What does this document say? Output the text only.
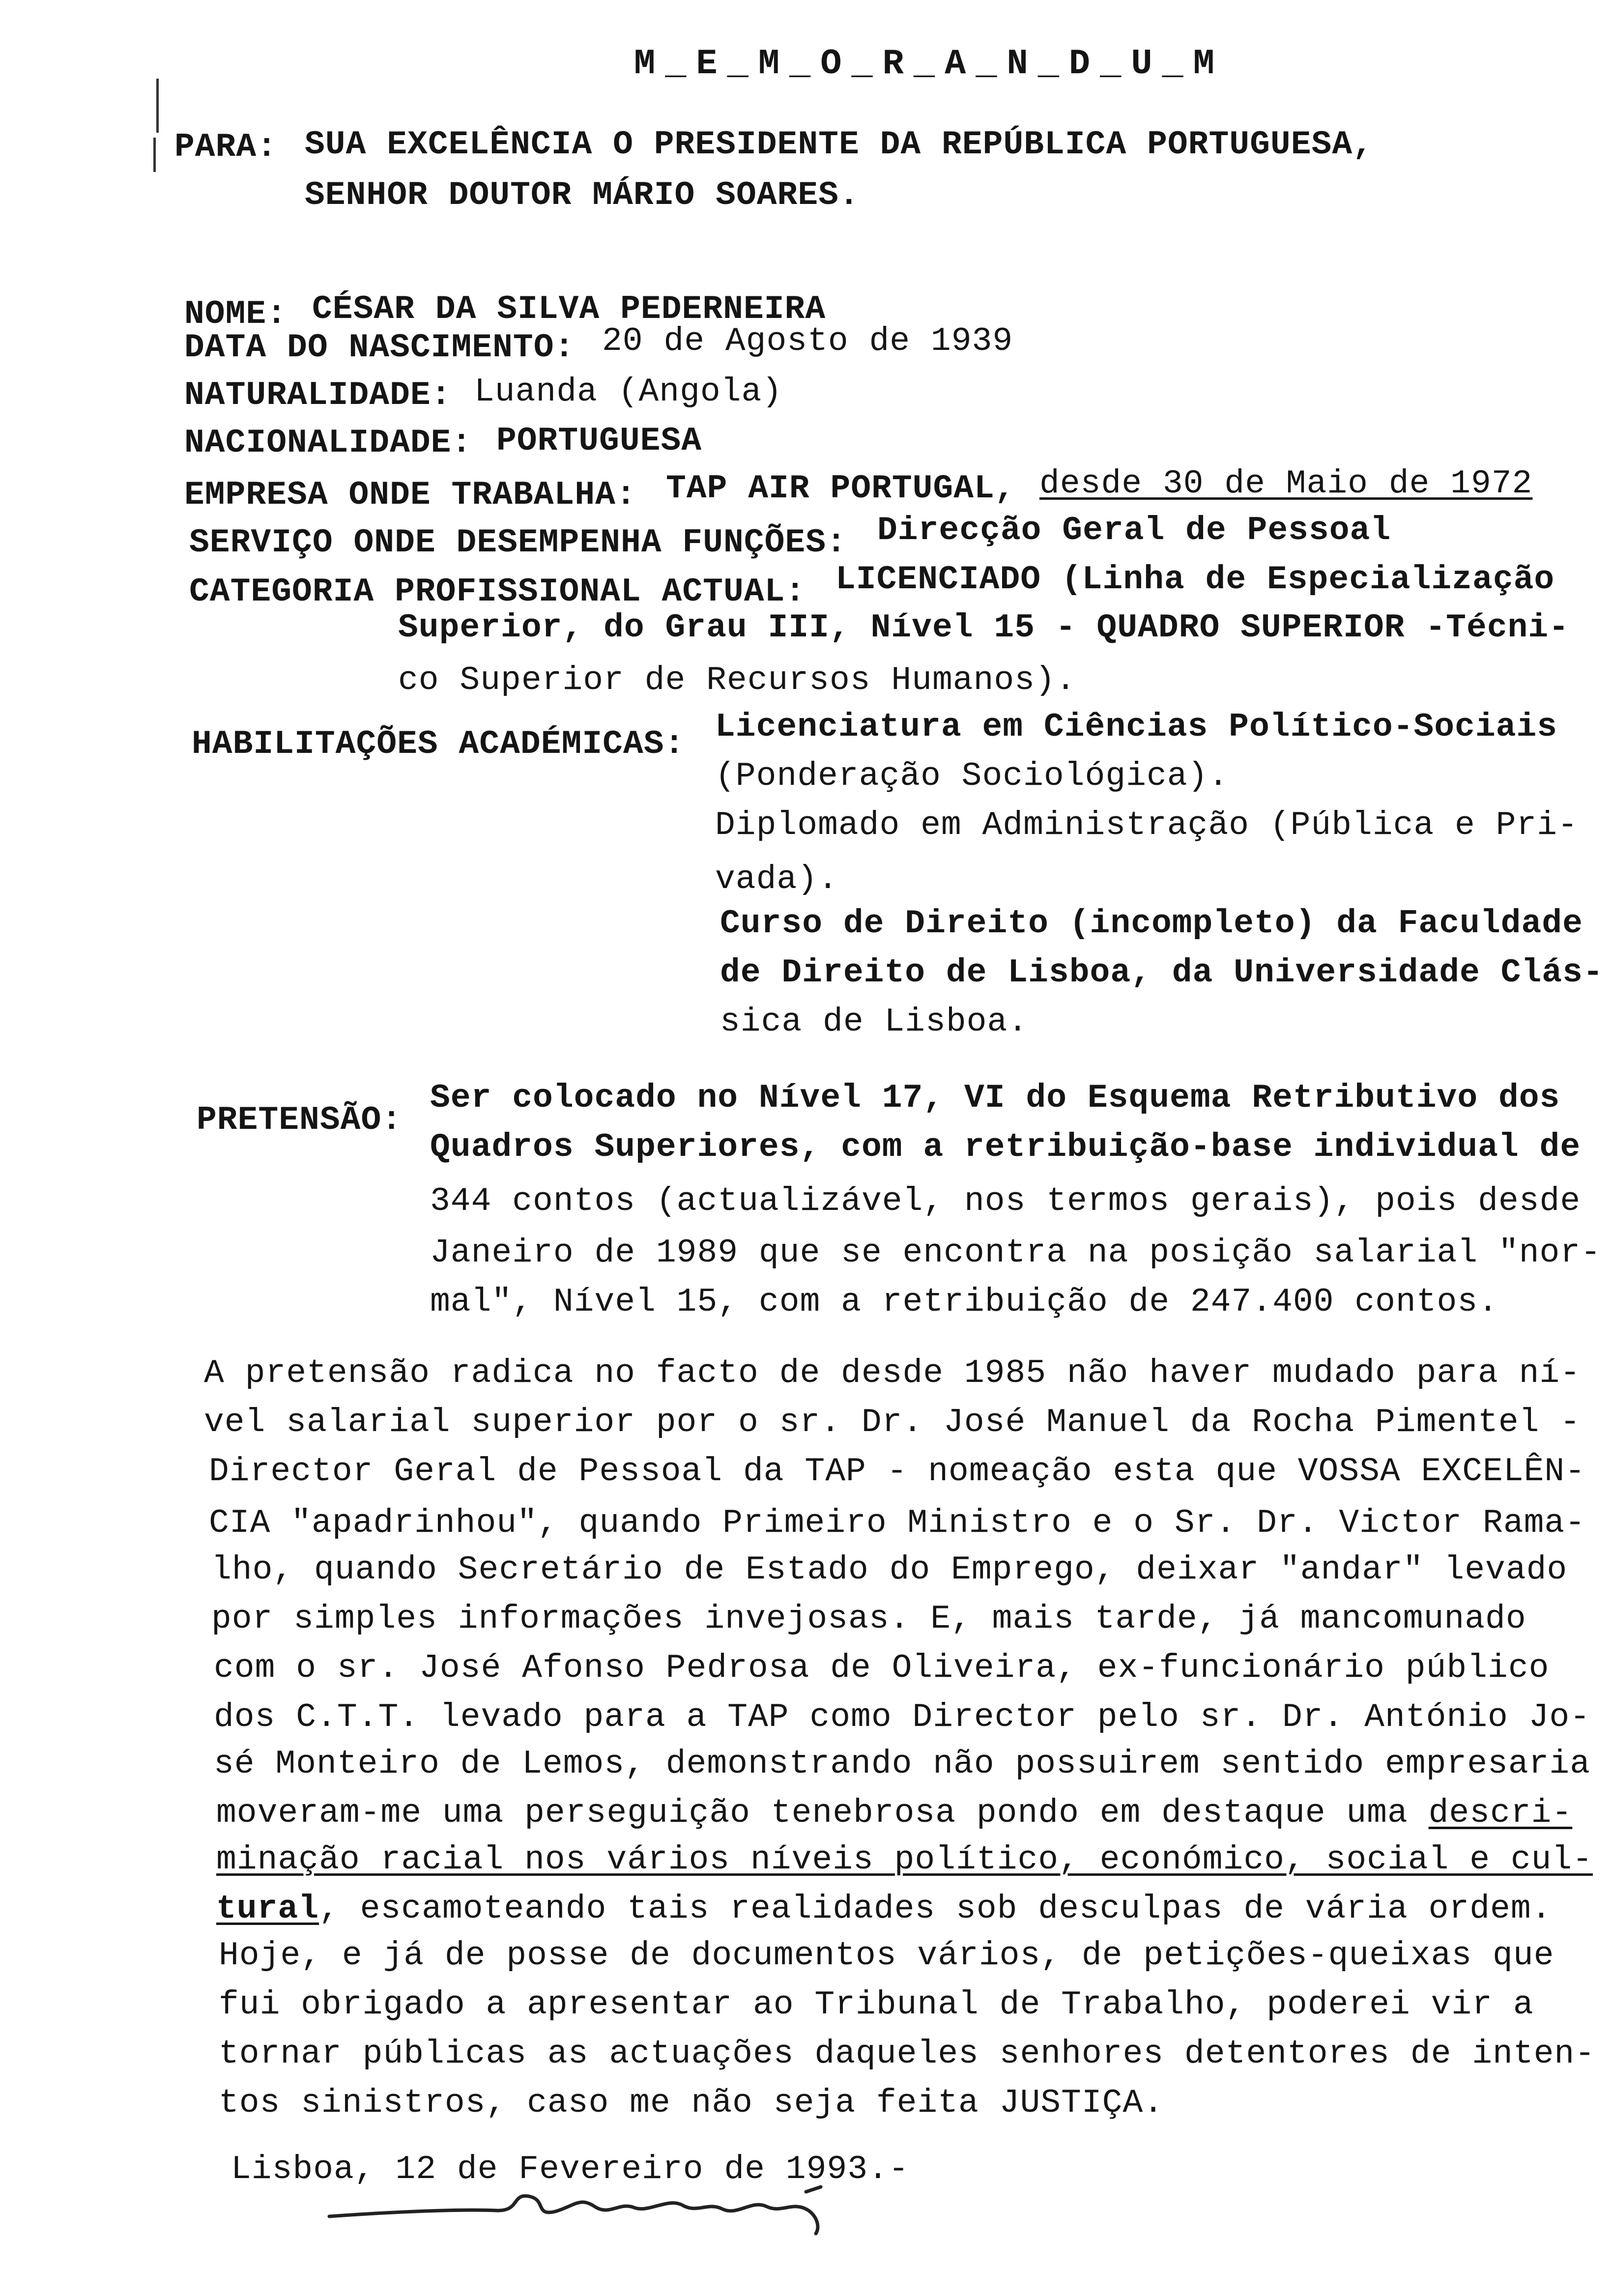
M_E_M_O_R_A_N_D_U_M
PARA: SUA EXCELÊNCIA O PRESIDENTE DA REPÚBLICA PORTUGUESA,
SENHOR DOUTOR MÁRIO SOARES.
NOME: CÉSAR DA SILVA PEDERNEIRA
DATA DO NASCIMENTO: 20 de Agosto de 1939
NATURALIDADE: Luanda (Angola)
NACIONALIDADE: PORTUGUESA
EMPRESA ONDE TRABALHA: TAP AIR PORTUGAL, desde 30 de Maio de 1972
SERVIÇO ONDE DESEMPENHA FUNÇÕES: Direcção Geral de Pessoal
CATEGORIA PROFISSIONAL ACTUAL: LICENCIADO (Linha de Especialização
Superior, do Grau III, Nível 15 - QUADRO SUPERIOR -Técni-
co Superior de Recursos Humanos).
HABILITAÇÕES ACADÉMICAS: Licenciatura em Ciências Político-Sociais
(Ponderação Sociológica).
Diplomado em Administração (Pública e Pri-
vada).
Curso de Direito (incompleto) da Faculdade
de Direito de Lisboa, da Universidade Clás-
sica de Lisboa.
PRETENSÃO:
Ser colocado no Nível 17, VI do Esquema Retributivo dos
Quadros Superiores, com a retribuição-base individual de
344 contos (actualizável, nos termos gerais), pois desde
Janeiro de 1989 que se encontra na posição salarial "nor-
mal", Nível 15, com a retribuição de 247.400 contos.
A pretensão radica no facto de desde 1985 não haver mudado para ní-
vel salarial superior por o sr. Dr. José Manuel da Rocha Pimentel -
Director Geral de Pessoal da TAP - nomeação esta que VOSSA EXCELÊN-
CIA "apadrinhou", quando Primeiro Ministro e o Sr. Dr. Victor Rama-
lho, quando Secretário de Estado do Emprego, deixar "andar" levado
por simples informações invejosas. E, mais tarde, já mancomunado
com o sr. José Afonso Pedrosa de Oliveira, ex-funcionário público
dos C.T.T. levado para a TAP como Director pelo sr. Dr. António Jo-
sé Monteiro de Lemos, demonstrando não possuirem sentido empresaria
moveram-me uma perseguição tenebrosa pondo em destaque uma descri-
minação racial nos vários níveis político, económico, social e cul-
tural, escamoteando tais realidades sob desculpas de vária ordem.
Hoje, e já de posse de documentos vários, de petições-queixas que
fui obrigado a apresentar ao Tribunal de Trabalho, poderei vir a
tornar públicas as actuações daqueles senhores detentores de inten-
tos sinistros, caso me não seja feita JUSTIÇA.
Lisboa, 12 de Fevereiro de 1993.-
